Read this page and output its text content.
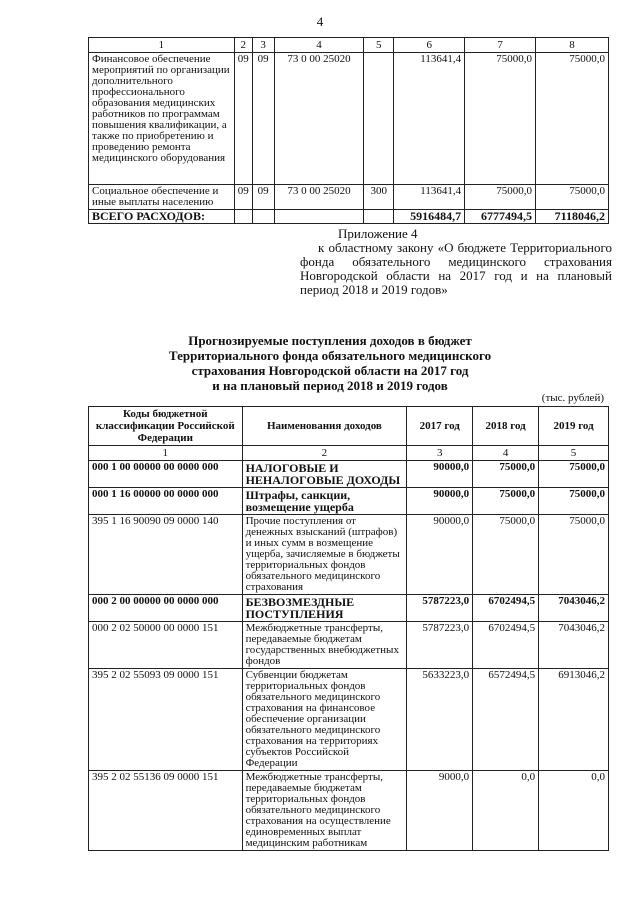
4
1	2	3	4	5	6	7	8
Финансовое обеспечение мероприятий по организации дополнительного профессионального образования медицинских работников по программам повышения квалификации, а также по приобретению и проведению ремонта медицинского оборудования	09	09	73 0 00 25020		113641,4	75000,0	75000,0
Социальное обеспечение и иные выплаты населению	09	09	73 0 00 25020	300	113641,4	75000,0	75000,0
ВСЕГО РАСХОДОВ:					5916484,7	6777494,5	7118046,2
Приложение 4
к областному закону «О бюджете Территориального фонда обязательного медицинского страхования Новгородской области на 2017 год и на плановый период 2018 и 2019 годов»
Прогнозируемые поступления доходов в бюджет
Территориального фонда обязательного медицинского
страхования Новгородской области на 2017 год
и на плановый период 2018 и 2019 годов
(тыс. рублей)
Коды бюджетной классификации Российской Федерации	Наименования доходов	2017 год	2018 год	2019 год
1	2	3	4	5
000 1 00 00000 00 0000 000	НАЛОГОВЫЕ И НЕНАЛОГОВЫЕ ДОХОДЫ	90000,0	75000,0	75000,0
000 1 16 00000 00 0000 000	Штрафы, санкции, возмещение ущерба	90000,0	75000,0	75000,0
395 1 16 90090 09 0000 140	Прочие поступления от денежных взысканий (штрафов) и иных сумм в возмещение ущерба, зачисляемые в бюджеты территориальных фондов обязательного медицинского страхования	90000,0	75000,0	75000,0
000 2 00 00000 00 0000 000	БЕЗВОЗМЕЗДНЫЕ ПОСТУПЛЕНИЯ	5787223,0	6702494,5	7043046,2
000 2 02 50000 00 0000 151	Межбюджетные трансферты, передаваемые бюджетам государственных внебюджетных фондов	5787223,0	6702494,5	7043046,2
395 2 02 55093 09 0000 151	Субвенции бюджетам территориальных фондов обязательного медицинского страхования на финансовое обеспечение организации обязательного медицинского страхования на территориях субъектов Российской Федерации	5633223,0	6572494,5	6913046,2
395 2 02 55136 09 0000 151	Межбюджетные трансферты, передаваемые бюджетам территориальных фондов обязательного медицинского страхования на осуществление единовременных выплат медицинским работникам	9000,0	0,0	0,0
